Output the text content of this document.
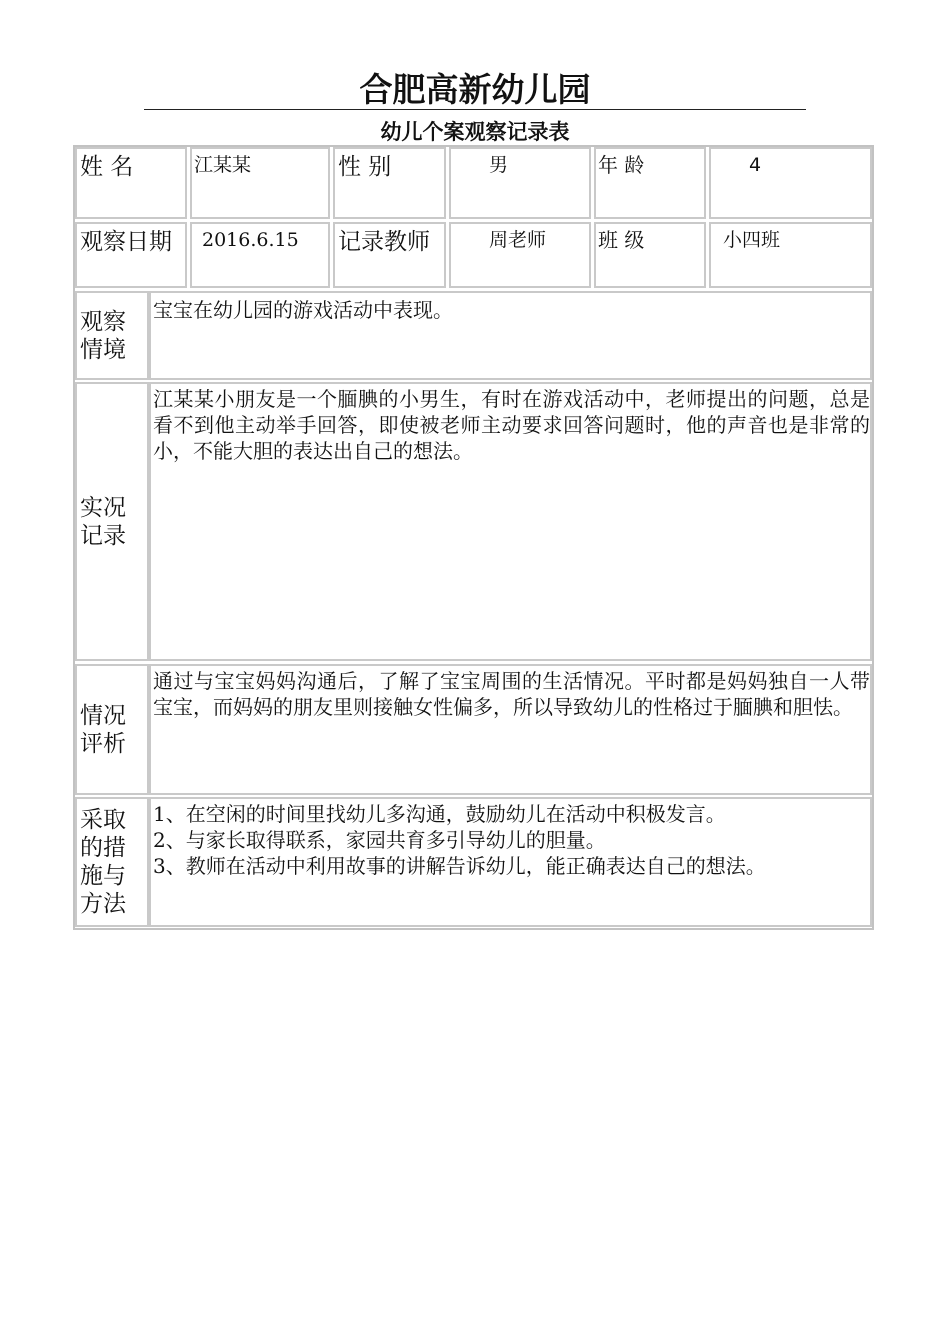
合肥高新幼儿园
幼儿个案观察记录表
姓 名	江某某	性 别	男	年 龄	4
观察日期	2016.6.15	记录教师	周老师	班 级	小四班
观察情境
宝宝在幼儿园的游戏活动中表现。
实况记录
江某某小朋友是一个腼腆的小男生，有时在游戏活动中，老师提出的问题，总是看不到他主动举手回答，即使被老师主动要求回答问题时，他的声音也是非常的小，不能大胆的表达出自己的想法。
情况评析
通过与宝宝妈妈沟通后，了解了宝宝周围的生活情况。平时都是妈妈独自一人带宝宝，而妈妈的朋友里则接触女性偏多，所以导致幼儿的性格过于腼腆和胆怯。
采取的措施与方法
1、在空闲的时间里找幼儿多沟通，鼓励幼儿在活动中积极发言。
2、与家长取得联系，家园共育多引导幼儿的胆量。
3、教师在活动中利用故事的讲解告诉幼儿，能正确表达自己的想法。
